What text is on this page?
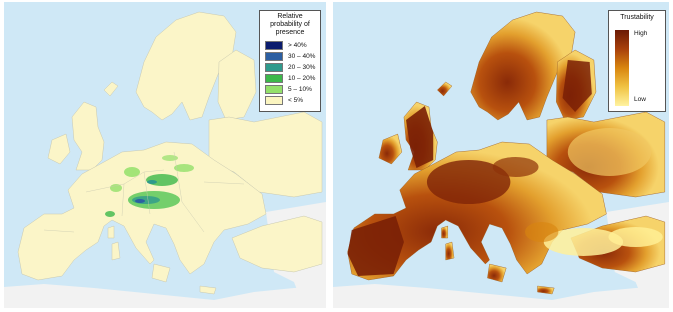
Relative probability of presence
> 40%
30 – 40%
20 – 30%
10 – 20%
5 – 10%
< 5%
Trustability
High
Low
